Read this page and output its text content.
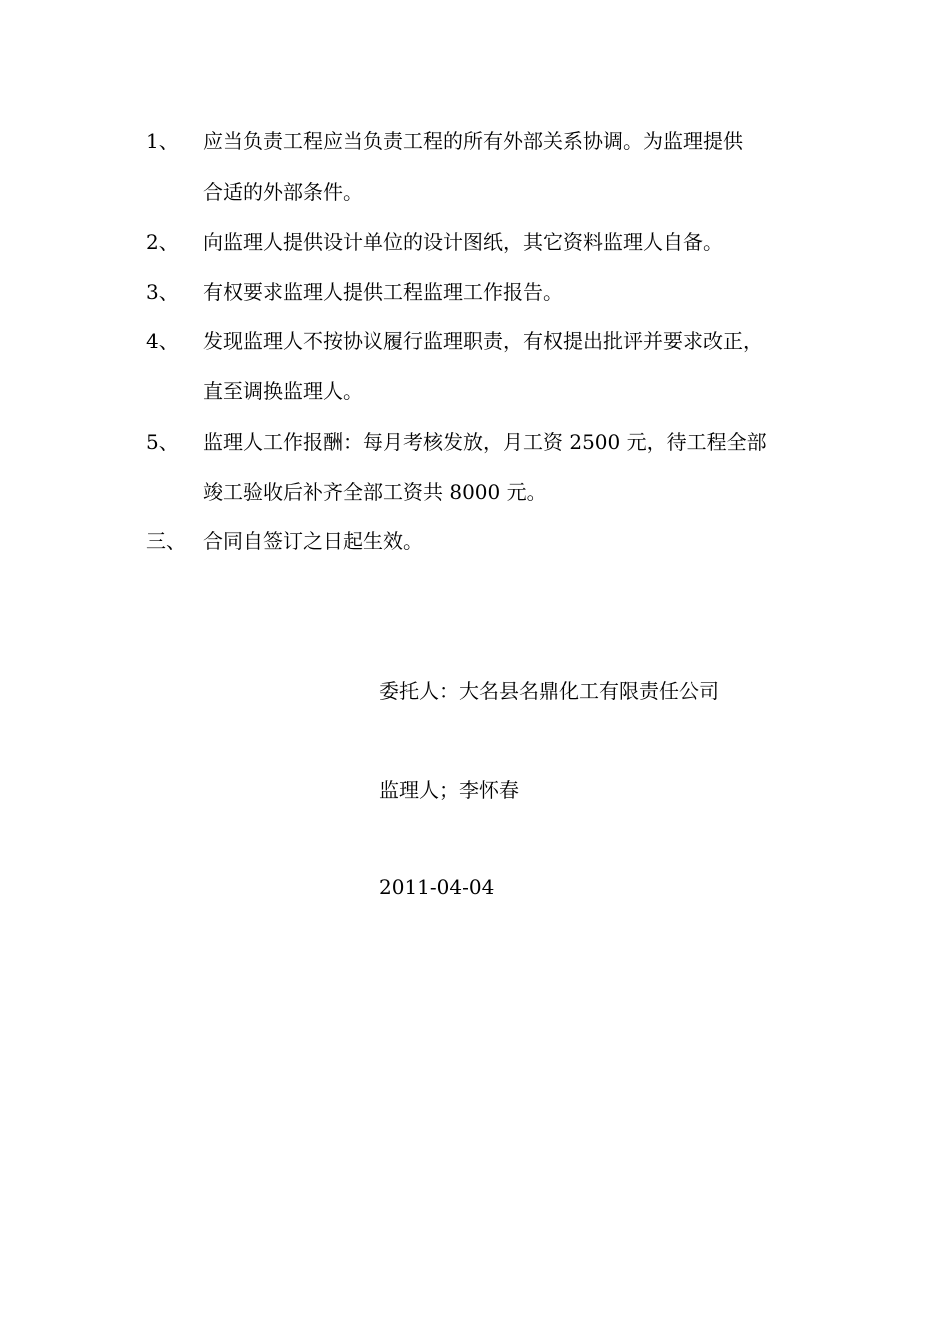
1、 应当负责工程应当负责工程的所有外部关系协调。为监理提供
合适的外部条件。
2、 向监理人提供设计单位的设计图纸，其它资料监理人自备。
3、 有权要求监理人提供工程监理工作报告。
4、 发现监理人不按协议履行监理职责，有权提出批评并要求改正，
直至调换监理人。
5、 监理人工作报酬：每月考核发放，月工资 2500 元，待工程全部
竣工验收后补齐全部工资共 8000 元。
三、 合同自签订之日起生效。
委托人：大名县名鼎化工有限责任公司
监理人；李怀春
2011-04-04
